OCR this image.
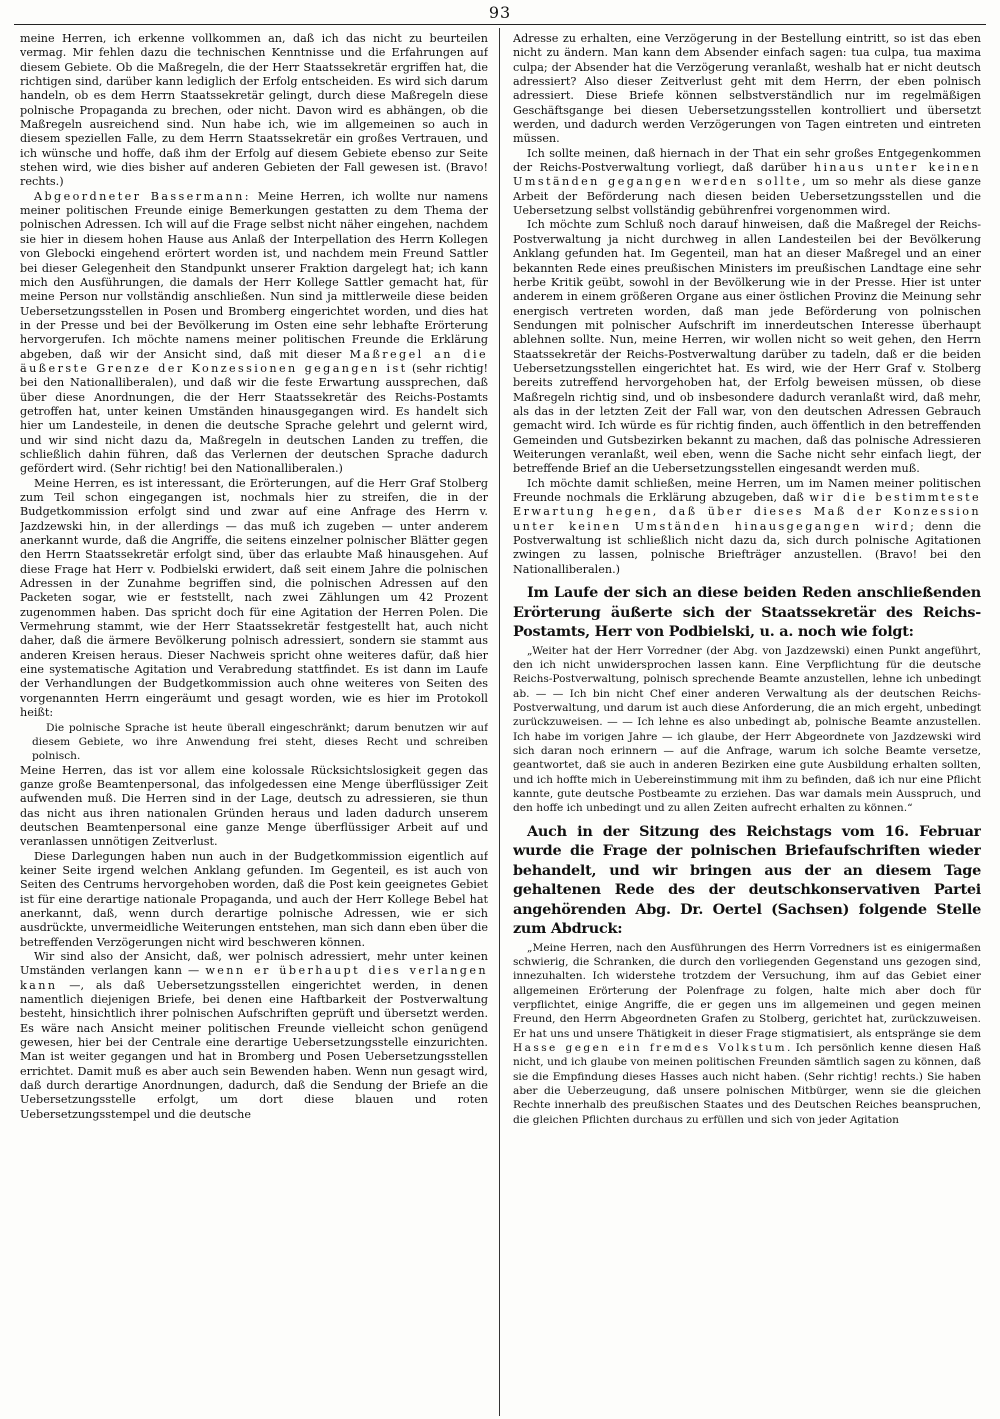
93

meine Herren, ich erkenne vollkommen an, daß ich das nicht zu beurteilen vermag. Mir fehlen dazu die technischen Kenntnisse und die Erfahrungen auf diesem Gebiete. Ob die Maßregeln, die der Herr Staatssekretär ergriffen hat, die richtigen sind, darüber kann lediglich der Erfolg entscheiden. Es wird sich darum handeln, ob es dem Herrn Staatssekretär gelingt, durch diese Maßregeln diese polnische Propaganda zu brechen, oder nicht. Davon wird es abhängen, ob die Maßregeln ausreichend sind. Nun habe ich, wie im allgemeinen so auch in diesem speziellen Falle, zu dem Herrn Staatssekretär ein großes Vertrauen, und ich wünsche und hoffe, daß ihm der Erfolg auf diesem Gebiete ebenso zur Seite stehen wird, wie dies bisher auf anderen Gebieten der Fall gewesen ist. (Bravo! rechts.)

Abgeordneter Bassermann: Meine Herren, ich wollte nur namens meiner politischen Freunde einige Bemerkungen gestatten zu dem Thema der polnischen Adressen. Ich will auf die Frage selbst nicht näher eingehen, nachdem sie hier in diesem hohen Hause aus Anlaß der Interpellation des Herrn Kollegen von Glebocki eingehend erörtert worden ist, und nachdem mein Freund Sattler bei dieser Gelegenheit den Standpunkt unserer Fraktion dargelegt hat; ich kann mich den Ausführungen, die damals der Herr Kollege Sattler gemacht hat, für meine Person nur vollständig anschließen. Nun sind ja mittlerweile diese beiden Uebersetzungsstellen in Posen und Bromberg eingerichtet worden, und dies hat in der Presse und bei der Bevölkerung im Osten eine sehr lebhafte Erörterung hervorgerufen. Ich möchte namens meiner politischen Freunde die Erklärung abgeben, daß wir der Ansicht sind, daß mit dieser Maßregel an die äußerste Grenze der Konzessionen gegangen ist (sehr richtig! bei den Nationalliberalen), und daß wir die feste Erwartung aussprechen, daß über diese Anordnungen, die der Herr Staatssekretär des Reichs-Postamts getroffen hat, unter keinen Umständen hinausgegangen wird. Es handelt sich hier um Landesteile, in denen die deutsche Sprache gelehrt und gelernt wird, und wir sind nicht dazu da, Maßregeln in deutschen Landen zu treffen, die schließlich dahin führen, daß das Verlernen der deutschen Sprache dadurch gefördert wird. (Sehr richtig! bei den Nationalliberalen.)

Meine Herren, es ist interessant, die Erörterungen, auf die Herr Graf Stolberg zum Teil schon eingegangen ist, nochmals hier zu streifen, die in der Budgetkommission erfolgt sind und zwar auf eine Anfrage des Herrn v. Jazdzewski hin, in der allerdings — das muß ich zugeben — unter anderem anerkannt wurde, daß die Angriffe, die seitens einzelner polnischer Blätter gegen den Herrn Staatssekretär erfolgt sind, über das erlaubte Maß hinausgehen. Auf diese Frage hat Herr v. Podbielski erwidert, daß seit einem Jahre die polnischen Adressen in der Zunahme begriffen sind, die polnischen Adressen auf den Packeten sogar, wie er feststellt, nach zwei Zählungen um 42 Prozent zugenommen haben. Das spricht doch für eine Agitation der Herren Polen. Die Vermehrung stammt, wie der Herr Staatssekretär festgestellt hat, auch nicht daher, daß die ärmere Bevölkerung polnisch adressiert, sondern sie stammt aus anderen Kreisen heraus. Dieser Nachweis spricht ohne weiteres dafür, daß hier eine systematische Agitation und Verabredung stattfindet. Es ist dann im Laufe der Verhandlungen der Budgetkommission auch ohne weiteres von Seiten des vorgenannten Herrn eingeräumt und gesagt worden, wie es hier im Protokoll heißt:

Die polnische Sprache ist heute überall eingeschränkt; darum benutzen wir auf diesem Gebiete, wo ihre Anwendung frei steht, dieses Recht und schreiben polnisch.

Meine Herren, das ist vor allem eine kolossale Rücksichtslosigkeit gegen das ganze große Beamtenpersonal, das infolgedessen eine Menge überflüssiger Zeit aufwenden muß. Die Herren sind in der Lage, deutsch zu adressieren, sie thun das nicht aus ihren nationalen Gründen heraus und laden dadurch unserem deutschen Beamtenpersonal eine ganze Menge überflüssiger Arbeit auf und veranlassen unnötigen Zeitverlust.

Diese Darlegungen haben nun auch in der Budgetkommission eigentlich auf keiner Seite irgend welchen Anklang gefunden. Im Gegenteil, es ist auch von Seiten des Centrums hervorgehoben worden, daß die Post kein geeignetes Gebiet ist für eine derartige nationale Propaganda, und auch der Herr Kollege Bebel hat anerkannt, daß, wenn durch derartige polnische Adressen, wie er sich ausdrückte, unvermeidliche Weiterungen entstehen, man sich dann eben über die betreffenden Verzögerungen nicht wird beschweren können.

Wir sind also der Ansicht, daß, wer polnisch adressiert, mehr unter keinen Umständen verlangen kann — wenn er überhaupt dies verlangen kann —, als daß Uebersetzungsstellen eingerichtet werden, in denen namentlich diejenigen Briefe, bei denen eine Haftbarkeit der Postverwaltung besteht, hinsichtlich ihrer polnischen Aufschriften geprüft und übersetzt werden. Es wäre nach Ansicht meiner politischen Freunde vielleicht schon genügend gewesen, hier bei der Centrale eine derartige Uebersetzungsstelle einzurichten. Man ist weiter gegangen und hat in Bromberg und Posen Uebersetzungsstellen errichtet. Damit muß es aber auch sein Bewenden haben. Wenn nun gesagt wird, daß durch derartige Anordnungen, dadurch, daß die Sendung der Briefe an die Uebersetzungsstelle erfolgt, um dort diese blauen und roten Uebersetzungsstempel und die deutsche

Adresse zu erhalten, eine Verzögerung in der Bestellung eintritt, so ist das eben nicht zu ändern. Man kann dem Absender einfach sagen: tua culpa, tua maxima culpa; der Absender hat die Verzögerung veranlaßt, weshalb hat er nicht deutsch adressiert? Also dieser Zeitverlust geht mit dem Herrn, der eben polnisch adressiert. Diese Briefe können selbstverständlich nur im regelmäßigen Geschäftsgange bei diesen Uebersetzungsstellen kontrolliert und übersetzt werden, und dadurch werden Verzögerungen von Tagen eintreten und eintreten müssen.

Ich sollte meinen, daß hiernach in der That ein sehr großes Entgegenkommen der Reichs-Postverwaltung vorliegt, daß darüber hinaus unter keinen Umständen gegangen werden sollte, um so mehr als diese ganze Arbeit der Beförderung nach diesen beiden Uebersetzungsstellen und die Uebersetzung selbst vollständig gebührenfrei vorgenommen wird.

Ich möchte zum Schluß noch darauf hinweisen, daß die Maßregel der Reichs-Postverwaltung ja nicht durchweg in allen Landesteilen bei der Bevölkerung Anklang gefunden hat. Im Gegenteil, man hat an dieser Maßregel und an einer bekannten Rede eines preußischen Ministers im preußischen Landtage eine sehr herbe Kritik geübt, sowohl in der Bevölkerung wie in der Presse. Hier ist unter anderem in einem größeren Organe aus einer östlichen Provinz die Meinung sehr energisch vertreten worden, daß man jede Beförderung von polnischen Sendungen mit polnischer Aufschrift im innerdeutschen Interesse überhaupt ablehnen sollte. Nun, meine Herren, wir wollen nicht so weit gehen, den Herrn Staatssekretär der Reichs-Postverwaltung darüber zu tadeln, daß er die beiden Uebersetzungsstellen eingerichtet hat. Es wird, wie der Herr Graf v. Stolberg bereits zutreffend hervorgehoben hat, der Erfolg beweisen müssen, ob diese Maßregeln richtig sind, und ob insbesondere dadurch veranlaßt wird, daß mehr, als das in der letzten Zeit der Fall war, von den deutschen Adressen Gebrauch gemacht wird. Ich würde es für richtig finden, auch öffentlich in den betreffenden Gemeinden und Gutsbezirken bekannt zu machen, daß das polnische Adressieren Weiterungen veranlaßt, weil eben, wenn die Sache nicht sehr einfach liegt, der betreffende Brief an die Uebersetzungsstellen eingesandt werden muß.

Ich möchte damit schließen, meine Herren, um im Namen meiner politischen Freunde nochmals die Erklärung abzugeben, daß wir die bestimmteste Erwartung hegen, daß über dieses Maß der Konzession unter keinen Umständen hinausgegangen wird; denn die Postverwaltung ist schließlich nicht dazu da, sich durch polnische Agitationen zwingen zu lassen, polnische Briefträger anzustellen. (Bravo! bei den Nationalliberalen.)

Im Laufe der sich an diese beiden Reden anschließenden Erörterung äußerte sich der Staatssekretär des Reichs-Postamts, Herr von Podbielski, u. a. noch wie folgt:

„Weiter hat der Herr Vorredner (der Abg. von Jazdzewski) einen Punkt angeführt, den ich nicht unwidersprochen lassen kann. Eine Verpflichtung für die deutsche Reichs-Postverwaltung, polnisch sprechende Beamte anzustellen, lehne ich unbedingt ab. — — Ich bin nicht Chef einer anderen Verwaltung als der deutschen Reichs-Postverwaltung, und darum ist auch diese Anforderung, die an mich ergeht, unbedingt zurückzuweisen. — — Ich lehne es also unbedingt ab, polnische Beamte anzustellen. Ich habe im vorigen Jahre — ich glaube, der Herr Abgeordnete von Jazdzewski wird sich daran noch erinnern — auf die Anfrage, warum ich solche Beamte versetze, geantwortet, daß sie auch in anderen Bezirken eine gute Ausbildung erhalten sollten, und ich hoffte mich in Uebereinstimmung mit ihm zu befinden, daß ich nur eine Pflicht kannte, gute deutsche Postbeamte zu erziehen. Das war damals mein Ausspruch, und den hoffe ich unbedingt und zu allen Zeiten aufrecht erhalten zu können.“

Auch in der Sitzung des Reichstags vom 16. Februar wurde die Frage der polnischen Briefaufschriften wieder behandelt, und wir bringen aus der an diesem Tage gehaltenen Rede des der deutschkonservativen Partei angehörenden Abg. Dr. Oertel (Sachsen) folgende Stelle zum Abdruck:

„Meine Herren, nach den Ausführungen des Herrn Vorredners ist es einigermaßen schwierig, die Schranken, die durch den vorliegenden Gegenstand uns gezogen sind, innezuhalten. Ich widerstehe trotzdem der Versuchung, ihm auf das Gebiet einer allgemeinen Erörterung der Polenfrage zu folgen, halte mich aber doch für verpflichtet, einige Angriffe, die er gegen uns im allgemeinen und gegen meinen Freund, den Herrn Abgeordneten Grafen zu Stolberg, gerichtet hat, zurückzuweisen. Er hat uns und unsere Thätigkeit in dieser Frage stigmatisiert, als entspränge sie dem Hasse gegen ein fremdes Volkstum. Ich persönlich kenne diesen Haß nicht, und ich glaube von meinen politischen Freunden sämtlich sagen zu können, daß sie die Empfindung dieses Hasses auch nicht haben. (Sehr richtig! rechts.) Sie haben aber die Ueberzeugung, daß unsere polnischen Mitbürger, wenn sie die gleichen Rechte innerhalb des preußischen Staates und des Deutschen Reiches beanspruchen, die gleichen Pflichten durchaus zu erfüllen und sich von jeder Agitation
